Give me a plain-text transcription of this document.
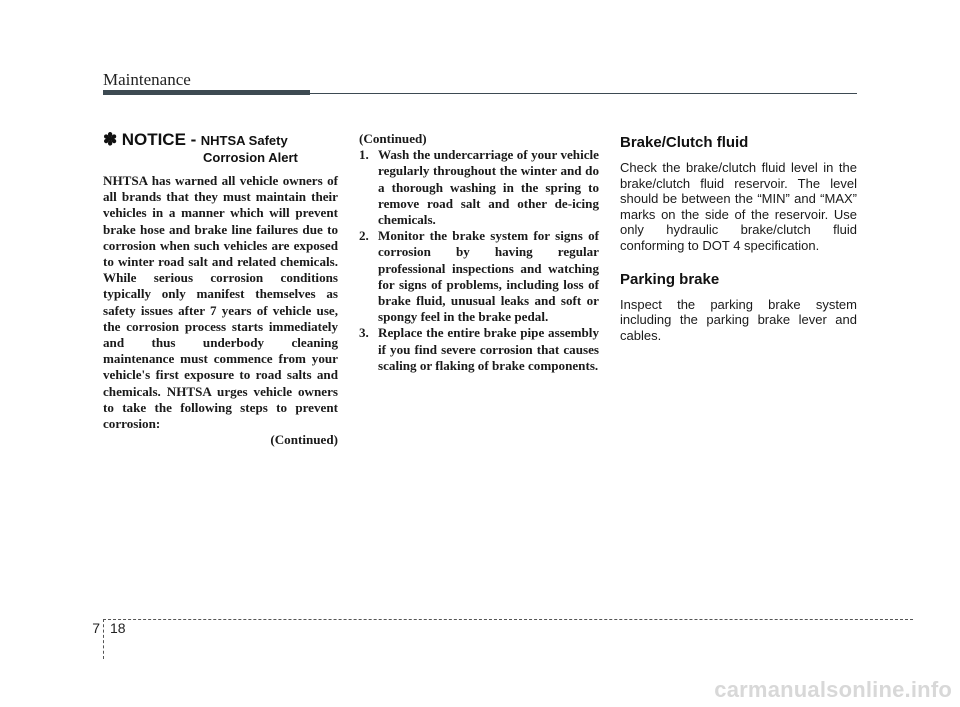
Maintenance
✽ NOTICE - NHTSA Safety
Corrosion Alert

NHTSA has warned all vehicle owners of all brands that they must maintain their vehicles in a manner which will prevent brake hose and brake line failures due to corrosion when such vehicles are exposed to winter road salt and related chemicals. While serious corrosion conditions typically only manifest themselves as safety issues after 7 years of vehicle use, the corrosion process starts immediately and thus underbody cleaning maintenance must commence from your vehicle's first exposure to road salts and chemicals. NHTSA urges vehicle owners to take the following steps to prevent corrosion:

(Continued)

(Continued)

1. Wash the undercarriage of your vehicle regularly throughout the winter and do a thorough washing in the spring to remove road salt and other de-icing chemicals.
2. Monitor the brake system for signs of corrosion by having regular professional inspections and watching for signs of problems, including loss of brake fluid, unusual leaks and soft or spongy feel in the brake pedal.
3. Replace the entire brake pipe assembly if you find severe corrosion that causes scaling or flaking of brake components.
Brake/Clutch fluid

Check the brake/clutch fluid level in the brake/clutch fluid reservoir. The level should be between the “MIN” and “MAX” marks on the side of the reservoir. Use only hydraulic brake/clutch fluid conforming to DOT 4 specification.

Parking brake

Inspect the parking brake system including the parking brake lever and cables.

7 18
carmanualsonline.info
